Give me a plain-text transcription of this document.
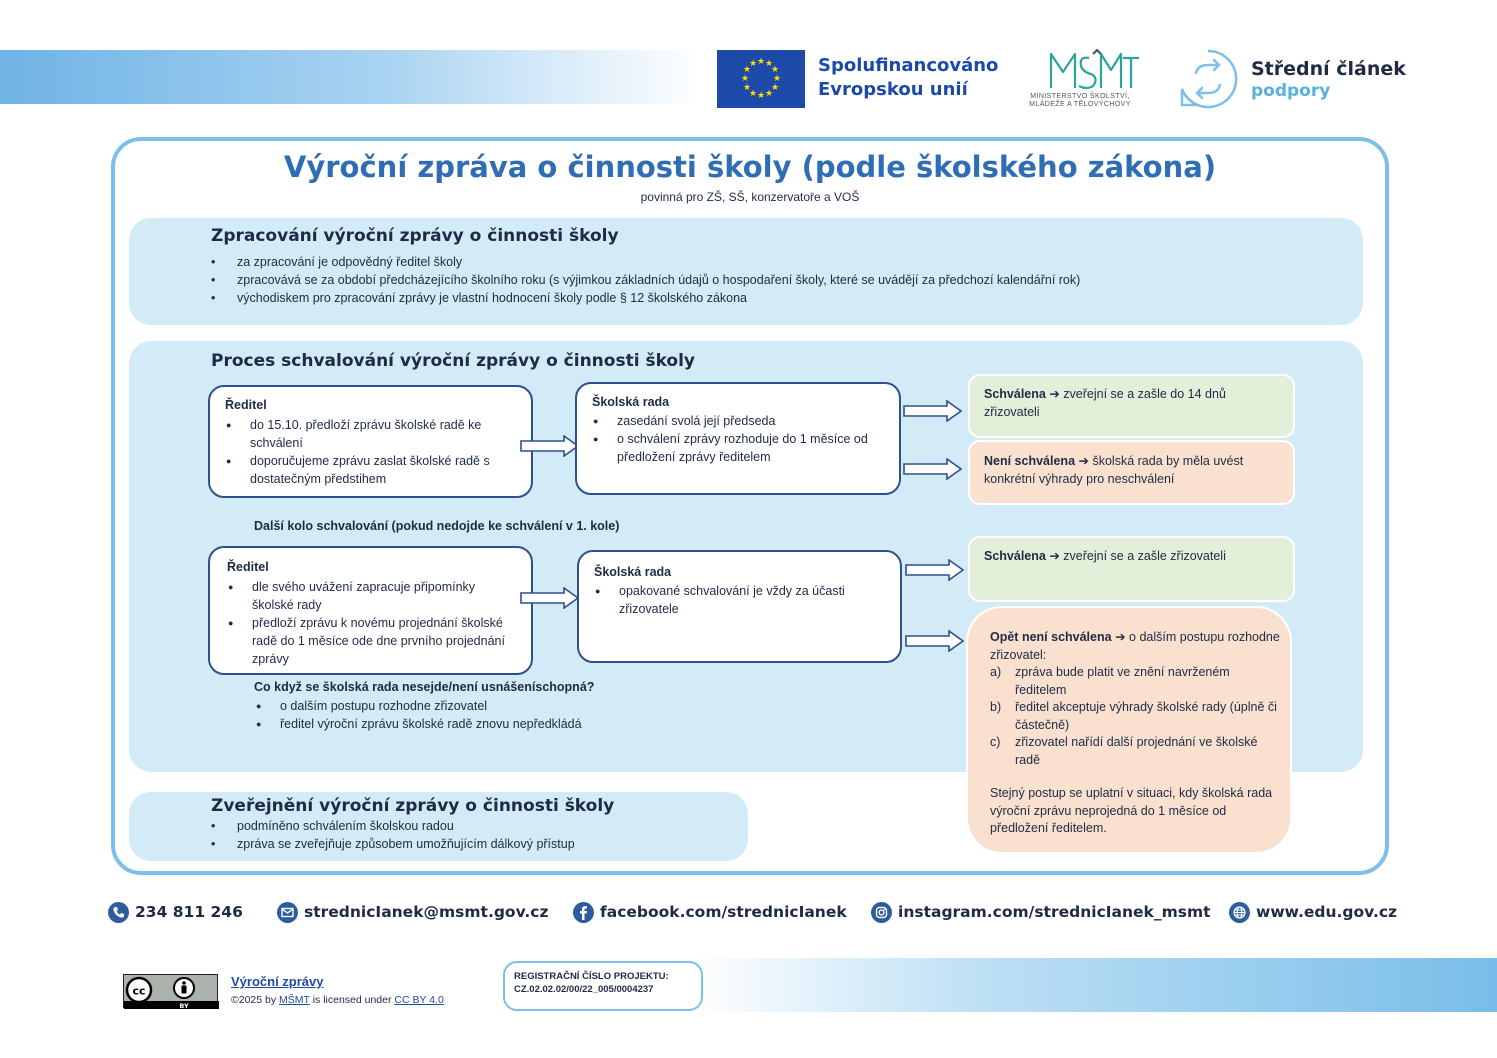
★ ★
★
★
★
★
★
★
★
★
★
★	Spolufinancováno
Evropskou unií	MINISTERSTVO ŠKOLSTVÍ,
MLÁDEŽE A TĚLOVÝCHOVY
Střední článek
podpory
Výroční zpráva o činnosti školy (podle školského zákona)
povinná pro ZŠ, SŠ, konzervatoře a VOŠ
Zpracování výroční zprávy o činnosti školy
• za zpracování je odpovědný ředitel školy
• zpracovává se za období předcházejícího školního roku (s výjimkou základních údajů o hospodaření školy, které se uvádějí za předchozí kalendářní rok)
• východiskem pro zpracování zprávy je vlastní hodnocení školy podle § 12 školského zákona
Proces schvalování výroční zprávy o činnosti školy
Ředitel
● do 15.10. předloží zprávu školské radě ke schválení
● doporučujeme zprávu zaslat školské radě s dostatečným předstihem
Školská rada
● zasedání svolá její předseda
● o schválení zprávy rozhoduje do 1 měsíce od předložení zprávy ředitelem
Schválena ➔ zveřejní se a zašle do 14 dnů zřizovateli
Není schválena ➔ školská rada by měla uvést konkrétní výhrady pro neschválení
Další kolo schvalování (pokud nedojde ke schválení v 1. kole)
Ředitel
● dle svého uvážení zapracuje připomínky školské rady
● předloží zprávu k novému projednání školské radě do 1 měsíce ode dne prvního projednání zprávy
Školská rada
● opakované schvalování je vždy za účasti zřizovatele
Schválena ➔ zveřejní se a zašle zřizovateli
Co když se školská rada nesejde/není usnášeníschopná?
● o dalším postupu rozhodne zřizovatel
● ředitel výroční zprávu školské radě znovu nepředkládá
Opět není schválena ➔ o dalším postupu rozhodne zřizovatel:
a) zpráva bude platit ve znění navrženém ředitelem
b) ředitel akceptuje výhrady školské rady (úplně či částečně)
c) zřizovatel nařídí další projednání ve školské radě
Stejný postup se uplatní v situaci, kdy školská rada výroční zprávu neprojedná do 1 měsíce od předložení ředitelem.
Zveřejnění výroční zprávy o činnosti školy
• podmíněno schválením školskou radou
• zpráva se zveřejňuje způsobem umožňujícím dálkový přístup
234 811 246	strednicIanek@msmt.gov.cz	facebook.com/strednicIanek	instagram.com/strednicIanek_msmt	www.edu.gov.cz
cc
BY
Výroční zprávy
©2025 by MŠMT is licensed under CC BY 4.0
REGISTRAČNÍ ČÍSLO PROJEKTU:
CZ.02.02.02/00/22_005/0004237
